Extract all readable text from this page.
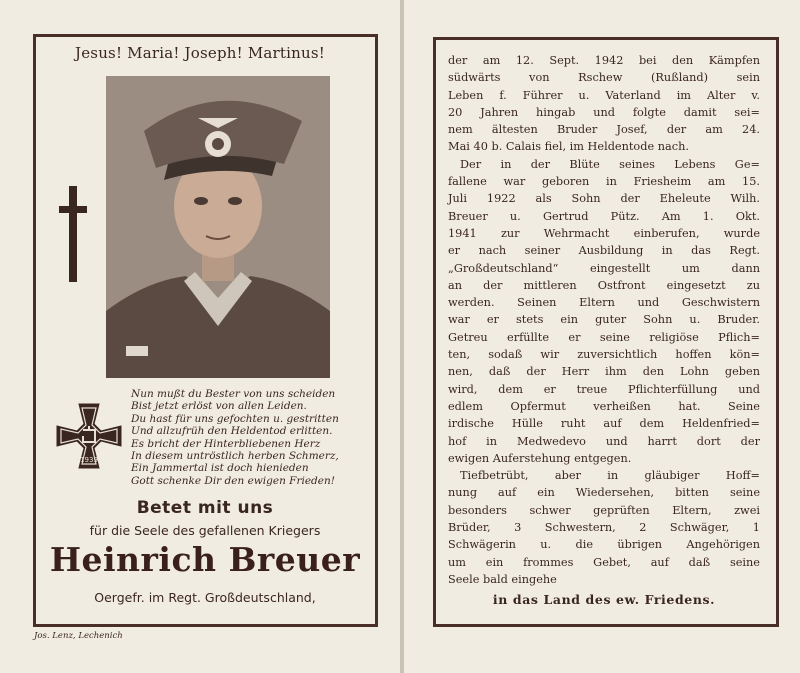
Jesus! Maria! Joseph! Martinus!
Nun mußt du Bester von uns scheiden
Bist jetzt erlöst von allen Leiden.
Du hast für uns gefochten u. gestritten
Und allzufrüh den Heldentod erlitten.
Es bricht der Hinterbliebenen Herz
In diesem untröstlich herben Schmerz,
Ein Jammertal ist doch hienieden
Gott schenke Dir den ewigen Frieden!
1939
Betet mit uns
für die Seele des gefallenen Kriegers
Heinrich Breuer
Oergefr. im Regt. Großdeutschland,
Jos. Lenz, Lechenich
der am 12. Sept. 1942 bei den Kämpfen
südwärts von Rschew (Rußland) sein
Leben f. Führer u. Vaterland im Alter v.
20 Jahren hingab und folgte damit sei=
nem ältesten Bruder Josef, der am 24.
Mai 40 b. Calais fiel, im Heldentode nach.
Der in der Blüte seines Lebens Ge=
fallene war geboren in Friesheim am 15.
Juli 1922 als Sohn der Eheleute Wilh.
Breuer u. Gertrud Pütz. Am 1. Okt.
1941 zur Wehrmacht einberufen, wurde
er nach seiner Ausbildung in das Regt.
„Großdeutschland“ eingestellt um dann
an der mittleren Ostfront eingesetzt zu
werden. Seinen Eltern und Geschwistern
war er stets ein guter Sohn u. Bruder.
Getreu erfüllte er seine religiöse Pflich=
ten, sodaß wir zuversichtlich hoffen kön=
nen, daß der Herr ihm den Lohn geben
wird, dem er treue Pflichterfüllung und
edlem Opfermut verheißen hat. Seine
irdische Hülle ruht auf dem Heldenfried=
hof in Medwedevo und harrt dort der
ewigen Auferstehung entgegen.
Tiefbetrübt, aber in gläubiger Hoff=
nung auf ein Wiedersehen, bitten seine
besonders schwer geprüften Eltern, zwei
Brüder, 3 Schwestern, 2 Schwäger, 1
Schwägerin u. die übrigen Angehörigen
um ein frommes Gebet, auf daß seine
Seele bald eingehe
in das Land des ew. Friedens.
